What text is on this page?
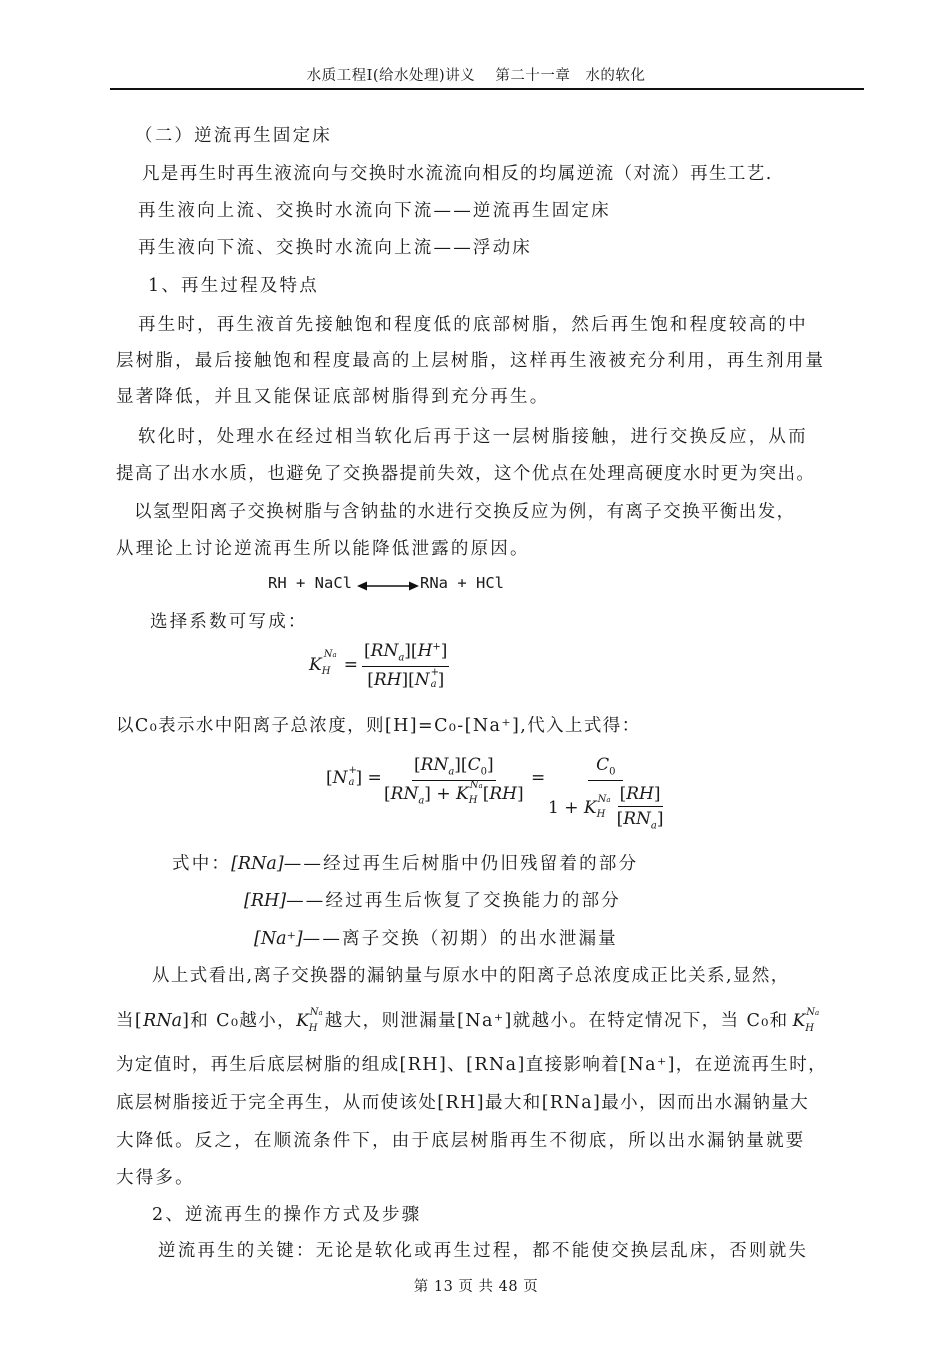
水质工程Ⅰ(给水处理)讲义　 第二十一章　水的软化
（二）逆流再生固定床
凡是再生时再生液流向与交换时水流流向相反的均属逆流（对流）再生工艺.
再生液向上流、交换时水流向下流——逆流再生固定床
再生液向下流、交换时水流向上流——浮动床
1、再生过程及特点
再生时，再生液首先接触饱和程度低的底部树脂，然后再生饱和程度较高的中
层树脂，最后接触饱和程度最高的上层树脂，这样再生液被充分利用，再生剂用量
显著降低，并且又能保证底部树脂得到充分再生。
软化时，处理水在经过相当软化后再于这一层树脂接触，进行交换反应，从而
提高了出水水质，也避免了交换器提前失效，这个优点在处理高硬度水时更为突出。
以氢型阳离子交换树脂与含钠盐的水进行交换反应为例，有离子交换平衡出发，
从理论上讨论逆流再生所以能降低泄露的原因。
RH + NaCl	RNa + HCl
选择系数可写成：
K
Na
H =
$[RN_a][H^+]$
[RH][N +
a ]
以C₀表示水中阳离子总浓度，则[H]=C₀-[Na⁺],代入上式得：
[N +
a ] =
$[RN_a][C_0]$
$[RN_a] + K$ Na
H [RH]
=
$C_0$
1 + K Na
H
[RH]
$[RN_a]$
式中：[RNa]——经过再生后树脂中仍旧残留着的部分
[RH]——经过再生后恢复了交换能力的部分
[Na⁺]——离子交换（初期）的出水泄漏量
从上式看出,离子交换器的漏钠量与原水中的阳离子总浓度成正比关系,显然，
当[RNa]和 C₀越小，K Na
H 越大，则泄漏量[Na⁺]就越小。在特定情况下，当 C₀和 K Na
H
为定值时，再生后底层树脂的组成[RH]、[RNa]直接影响着[Na⁺]，在逆流再生时，
底层树脂接近于完全再生，从而使该处[RH]最大和[RNa]最小，因而出水漏钠量大
大降低。反之，在顺流条件下，由于底层树脂再生不彻底，所以出水漏钠量就要
大得多。
2、逆流再生的操作方式及步骤
逆流再生的关键：无论是软化或再生过程，都不能使交换层乱床，否则就失
第 13 页 共 48 页
